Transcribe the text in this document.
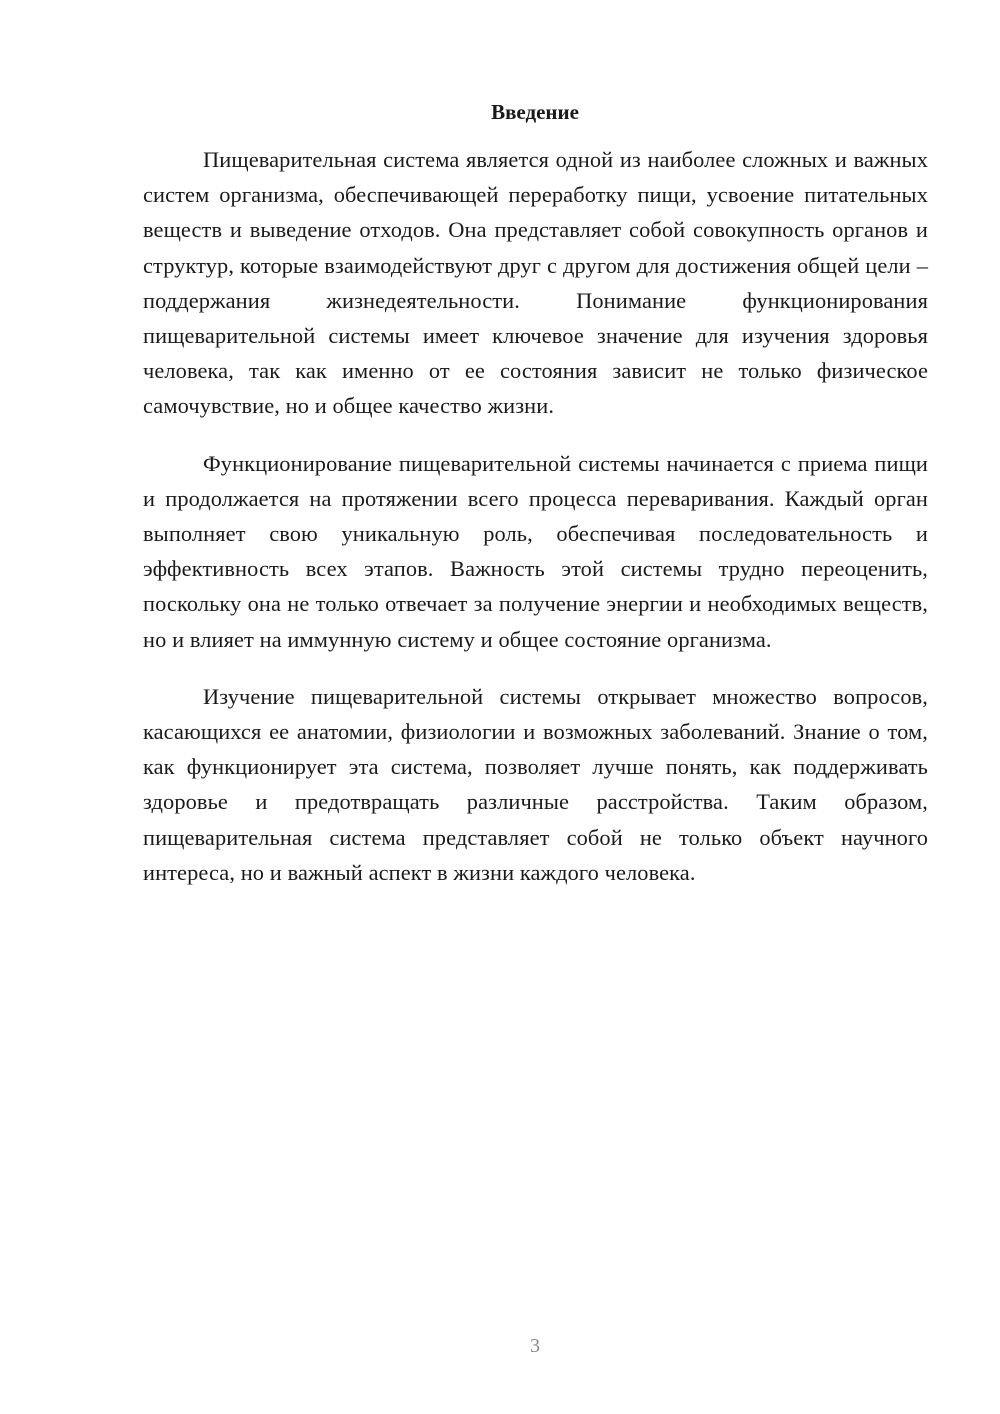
Введение

Пищеварительная система является одной из наиболее сложных и важных систем организма, обеспечивающей переработку пищи, усвоение питательных веществ и выведение отходов. Она представляет собой совокупность органов и структур, которые взаимодействуют друг с другом для достижения общей цели – поддержания жизнедеятельности. Понимание функционирования пищеварительной системы имеет ключевое значение для изучения здоровья человека, так как именно от ее состояния зависит не только физическое самочувствие, но и общее качество жизни.

Функционирование пищеварительной системы начинается с приема пищи и продолжается на протяжении всего процесса переваривания. Каждый орган выполняет свою уникальную роль, обеспечивая последовательность и эффективность всех этапов. Важность этой системы трудно переоценить, поскольку она не только отвечает за получение энергии и необходимых веществ, но и влияет на иммунную систему и общее состояние организма.

Изучение пищеварительной системы открывает множество вопросов, касающихся ее анатомии, физиологии и возможных заболеваний. Знание о том, как функционирует эта система, позволяет лучше понять, как поддерживать здоровье и предотвращать различные расстройства. Таким образом, пищеварительная система представляет собой не только объект научного интереса, но и важный аспект в жизни каждого человека.

3
